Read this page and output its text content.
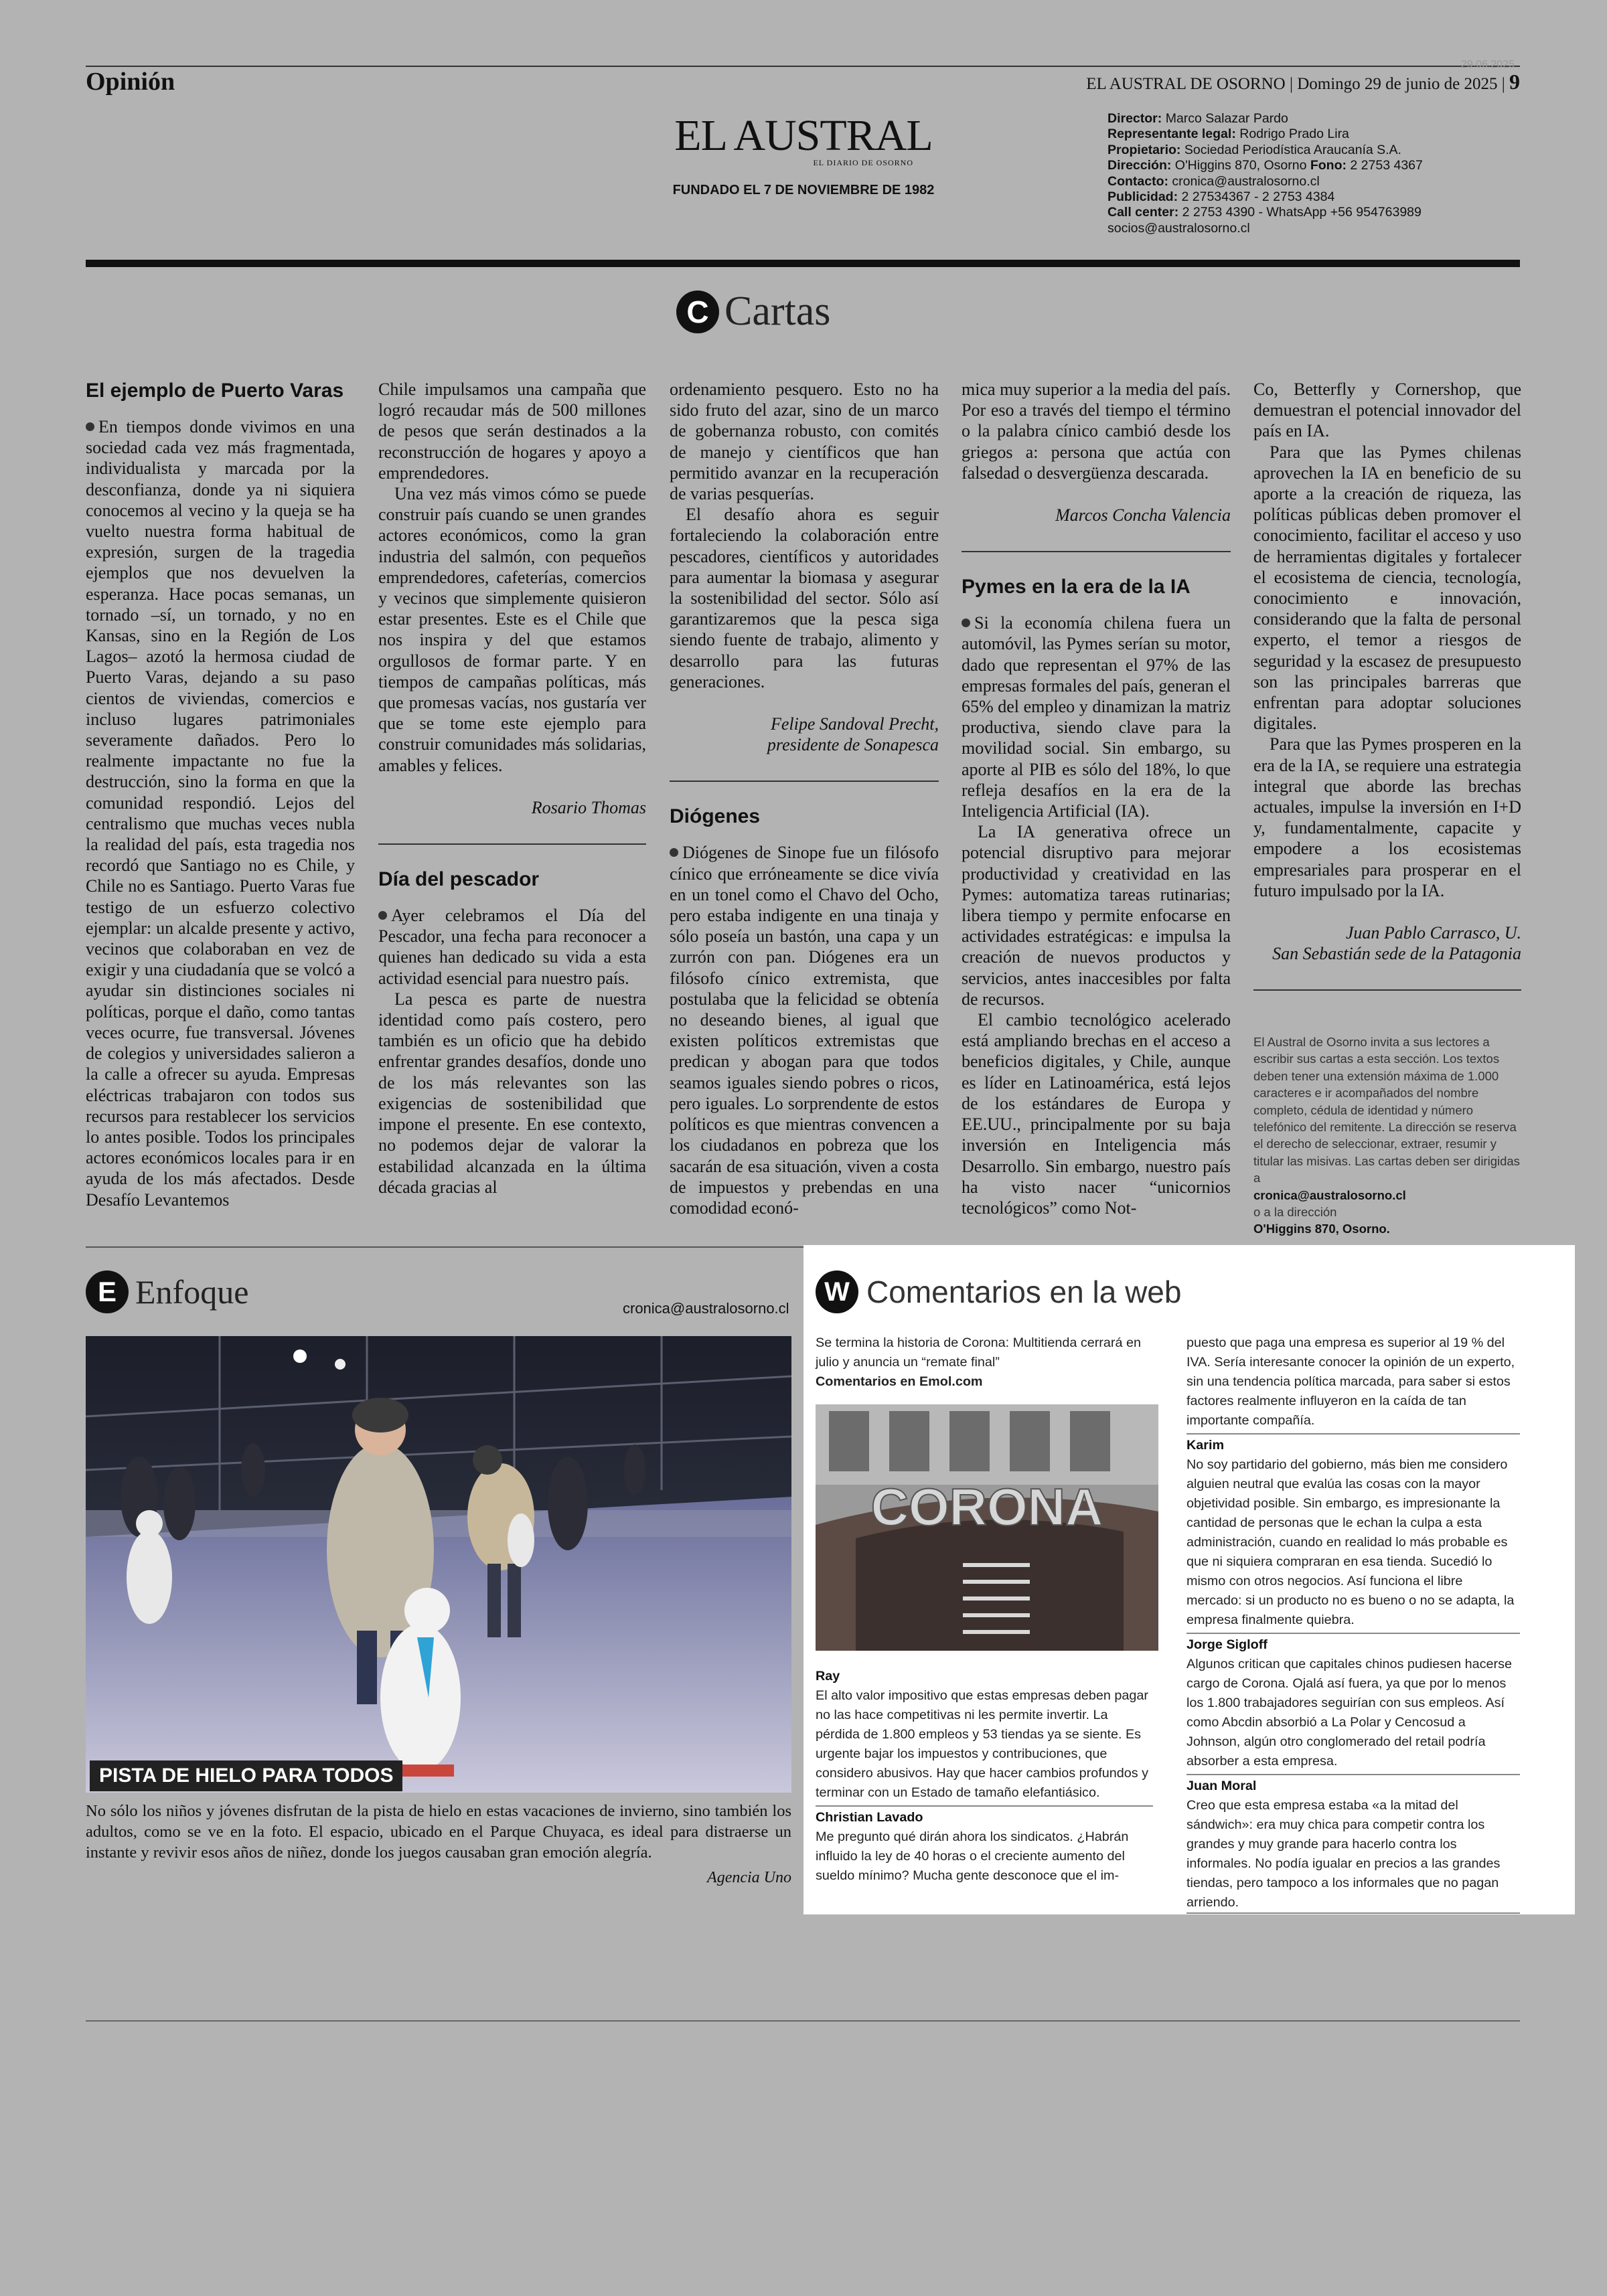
Opinión
29.06.2025
EL AUSTRAL DE OSORNO | Domingo 29 de junio de 2025 | 9
EL AUSTRAL
EL DIARIO DE OSORNO
FUNDADO EL 7 DE NOVIEMBRE DE 1982
Director: Marco Salazar Pardo
Representante legal: Rodrigo Prado Lira
Propietario: Sociedad Periodística Araucanía S.A.
Dirección: O'Higgins 870, Osorno Fono: 2 2753 4367
Contacto: cronica@australosorno.cl
Publicidad: 2 27534367 - 2 2753 4384
Call center: 2 2753 4390 - WhatsApp +56 954763989
socios@australosorno.cl
C Cartas
El ejemplo de Puerto Varas

En tiempos donde vivimos en una sociedad cada vez más fragmentada, individualista y marcada por la desconfianza, donde ya ni siquiera conocemos al vecino y la queja se ha vuelto nuestra forma habitual de expresión, surgen de la tragedia ejemplos que nos devuelven la esperanza. Hace pocas semanas, un tornado –sí, un tornado, y no en Kansas, sino en la Región de Los Lagos– azotó la hermosa ciudad de Puerto Varas, dejando a su paso cientos de viviendas, comercios e incluso lugares patrimoniales severamente dañados. Pero lo realmente impactante no fue la destrucción, sino la forma en que la comunidad respondió. Lejos del centralismo que muchas veces nubla la realidad del país, esta tragedia nos recordó que Santiago no es Chile, y Chile no es Santiago. Puerto Varas fue testigo de un esfuerzo colectivo ejemplar: un alcalde presente y activo, vecinos que colaboraban en vez de exigir y una ciudadanía que se volcó a ayudar sin distinciones sociales ni políticas, porque el daño, como tantas veces ocurre, fue transversal. Jóvenes de colegios y universidades salieron a la calle a ofrecer su ayuda. Empresas eléctricas trabajaron con todos sus recursos para restablecer los servicios lo antes posible. Todos los principales actores económicos locales para ir en ayuda de los más afectados. Desde Desafío Levantemos

Chile impulsamos una campaña que logró recaudar más de 500 millones de pesos que serán destinados a la reconstrucción de hogares y apoyo a emprendedores.

Una vez más vimos cómo se puede construir país cuando se unen grandes actores económicos, como la gran industria del salmón, con pequeños emprendedores, cafeterías, comercios y vecinos que simplemente quisieron estar presentes. Este es el Chile que nos inspira y del que estamos orgullosos de formar parte. Y en tiempos de campañas políticas, más que promesas vacías, nos gustaría ver que se tome este ejemplo para construir comunidades más solidarias, amables y felices.

Rosario Thomas

Día del pescador

Ayer celebramos el Día del Pescador, una fecha para reconocer a quienes han dedicado su vida a esta actividad esencial para nuestro país.

La pesca es parte de nuestra identidad como país costero, pero también es un oficio que ha debido enfrentar grandes desafíos, donde uno de los más relevantes son las exigencias de sostenibilidad que impone el presente. En ese contexto, no podemos dejar de valorar la estabilidad alcanzada en la última década gracias al

ordenamiento pesquero. Esto no ha sido fruto del azar, sino de un marco de gobernanza robusto, con comités de manejo y científicos que han permitido avanzar en la recuperación de varias pesquerías.

El desafío ahora es seguir fortaleciendo la colaboración entre pescadores, científicos y autoridades para aumentar la biomasa y asegurar la sostenibilidad del sector. Sólo así garantizaremos que la pesca siga siendo fuente de trabajo, alimento y desarrollo para las futuras generaciones.

Felipe Sandoval Precht,
presidente de Sonapesca

Diógenes

Diógenes de Sinope fue un filósofo cínico que erróneamente se dice vivía en un tonel como el Chavo del Ocho, pero estaba indigente en una tinaja y sólo poseía un bastón, una capa y un zurrón con pan. Diógenes era un filósofo cínico extremista, que postulaba que la felicidad se obtenía no deseando bienes, al igual que existen políticos extremistas que predican y abogan para que todos seamos iguales siendo pobres o ricos, pero iguales. Lo sorprendente de estos políticos es que mientras convencen a los ciudadanos en pobreza que los sacarán de esa situación, viven a costa de impuestos y prebendas en una comodidad econó-

mica muy superior a la media del país. Por eso a través del tiempo el término o la palabra cínico cambió desde los griegos a: persona que actúa con falsedad o desvergüenza descarada.

Marcos Concha Valencia

Pymes en la era de la IA

Si la economía chilena fuera un automóvil, las Pymes serían su motor, dado que representan el 97% de las empresas formales del país, generan el 65% del empleo y dinamizan la matriz productiva, siendo clave para la movilidad social. Sin embargo, su aporte al PIB es sólo del 18%, lo que refleja desafíos en la era de la Inteligencia Artificial (IA).

La IA generativa ofrece un potencial disruptivo para mejorar productividad y creatividad en las Pymes: automatiza tareas rutinarias; libera tiempo y permite enfocarse en actividades estratégicas: e impulsa la creación de nuevos productos y servicios, antes inaccesibles por falta de recursos.

El cambio tecnológico acelerado está ampliando brechas en el acceso a beneficios digitales, y Chile, aunque es líder en Latinoamérica, está lejos de los estándares de Europa y EE.UU., principalmente por su baja inversión en Inteligencia más Desarrollo. Sin embargo, nuestro país ha visto nacer “unicornios tecnológicos” como Not-

Co, Betterfly y Cornershop, que demuestran el potencial innovador del país en IA.

Para que las Pymes chilenas aprovechen la IA en beneficio de su aporte a la creación de riqueza, las políticas públicas deben promover el conocimiento, facilitar el acceso y uso de herramientas digitales y fortalecer el ecosistema de ciencia, tecnología, conocimiento e innovación, considerando que la falta de personal experto, el temor a riesgos de seguridad y la escasez de presupuesto son las principales barreras que enfrentan para adoptar soluciones digitales.

Para que las Pymes prosperen en la era de la IA, se requiere una estrategia integral que aborde las brechas actuales, impulse la inversión en I+D y, fundamentalmente, capacite y empodere a los ecosistemas empresariales para prosperar en el futuro impulsado por la IA.

Juan Pablo Carrasco, U.
San Sebastián sede de la Patagonia

El Austral de Osorno invita a sus lectores a escribir sus cartas a esta sección. Los textos deben tener una extensión máxima de 1.000 caracteres e ir acompañados del nombre completo, cédula de identidad y número telefónico del remitente. La dirección se reserva el derecho de seleccionar, extraer, resumir y titular las misivas. Las cartas deben ser dirigidas a
cronica@australosorno.cl
o a la dirección
O'Higgins 870, Osorno.
E Enfoque	cronica@australosorno.cl
PISTA DE HIELO PARA TODOS
No sólo los niños y jóvenes disfrutan de la pista de hielo en estas vacaciones de invierno, sino también los adultos, como se ve en la foto. El espacio, ubicado en el Parque Chuyaca, es ideal para distraerse un instante y revivir esos años de niñez, donde los juegos causaban gran emoción alegría.
Agencia Uno
W Comentarios en la web
Se termina la historia de Corona: Multitienda cerrará en julio y anuncia un “remate final”
Comentarios en Emol.com
CORONA
Ray
El alto valor impositivo que estas empresas deben pagar no las hace competitivas ni les permite invertir. La pérdida de 1.800 empleos y 53 tiendas ya se siente. Es urgente bajar los impuestos y contribuciones, que considero abusivos. Hay que hacer cambios profundos y terminar con un Estado de tamaño elefantiásico.
Christian Lavado
Me pregunto qué dirán ahora los sindicatos. ¿Habrán influido la ley de 40 horas o el creciente aumento del sueldo mínimo? Mucha gente desconoce que el im-
puesto que paga una empresa es superior al 19 % del IVA. Sería interesante conocer la opinión de un experto, sin una tendencia política marcada, para saber si estos factores realmente influyeron en la caída de tan importante compañía.
Karim
No soy partidario del gobierno, más bien me considero alguien neutral que evalúa las cosas con la mayor objetividad posible. Sin embargo, es impresionante la cantidad de personas que le echan la culpa a esta administración, cuando en realidad lo más probable es que ni siquiera compraran en esa tienda. Sucedió lo mismo con otros negocios. Así funciona el libre mercado: si un producto no es bueno o no se adapta, la empresa finalmente quiebra.
Jorge Sigloff
Algunos critican que capitales chinos pudiesen hacerse cargo de Corona. Ojalá así fuera, ya que por lo menos los 1.800 trabajadores seguirían con sus empleos. Así como Abcdin absorbió a La Polar y Cencosud a Johnson, algún otro conglomerado del retail podría absorber a esta empresa.
Juan Moral
Creo que esta empresa estaba «a la mitad del sándwich»: era muy chica para competir contra los grandes y muy grande para hacerlo contra los informales. No podía igualar en precios a las grandes tiendas, pero tampoco a los informales que no pagan arriendo.
